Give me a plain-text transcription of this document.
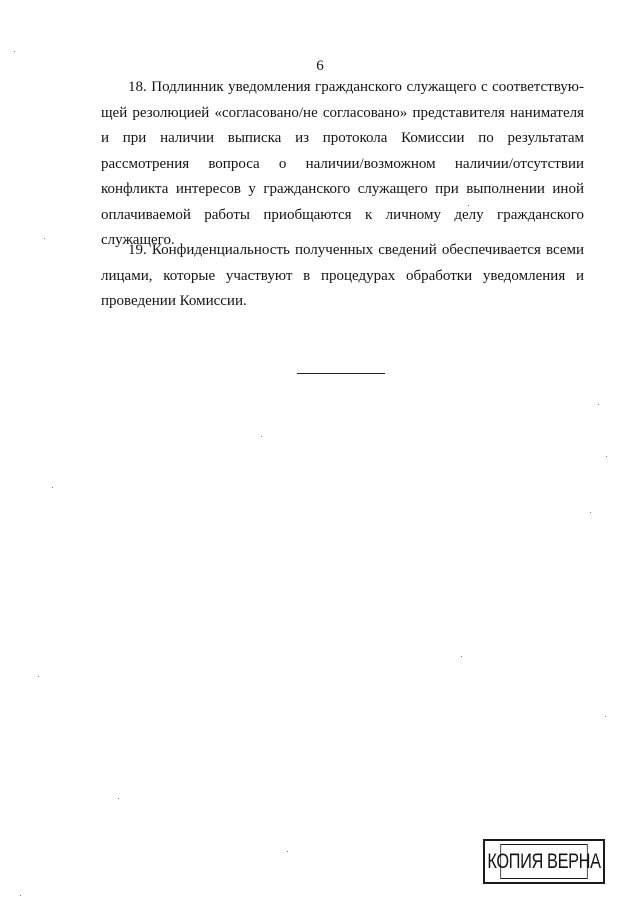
6

18. Подлинник уведомления гражданского служащего с соответствующей резолюцией «согласовано/не согласовано» представителя нанимателя и при наличии выписка из протокола Комиссии по результатам рассмотрения вопроса о наличии/возможном наличии/отсутствии конфликта интересов у гражданского служащего при выполнении иной оплачиваемой работы приобщаются к личному делу гражданского служащего.

19. Конфиденциальность полученных сведений обеспечивается всеми лицами, которые участвуют в процедурах обработки уведомления и проведении Комиссии.

КОПИЯ ВЕРНА
